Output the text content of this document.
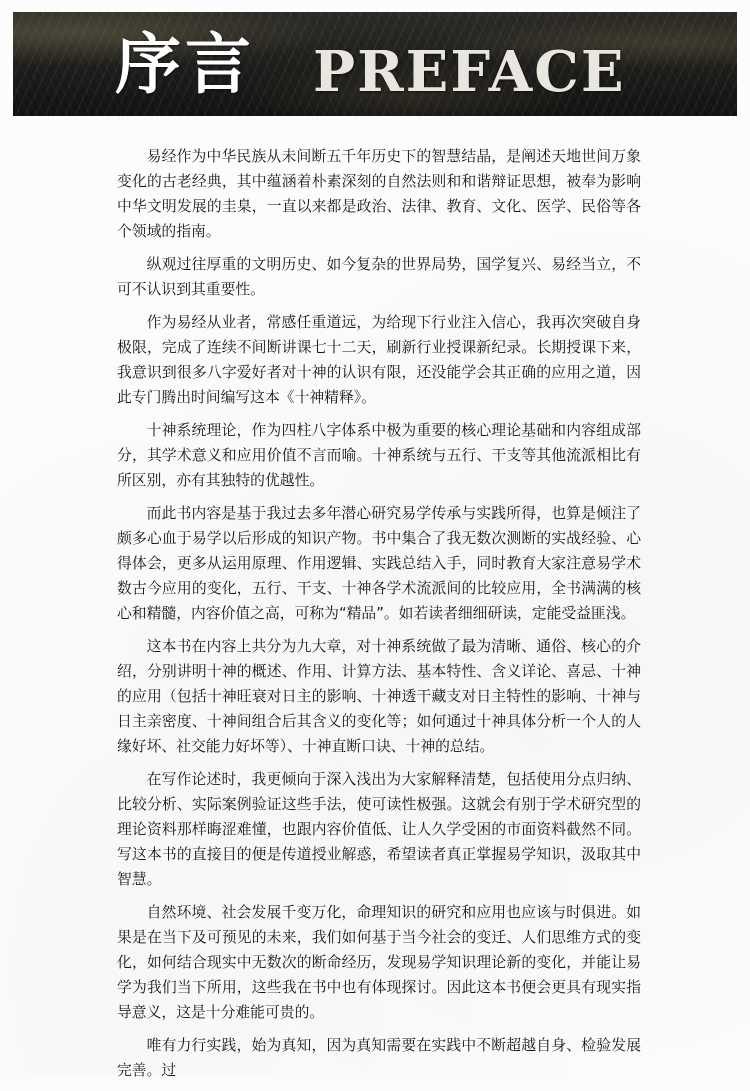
序言 PREFACE

易经作为中华民族从未间断五千年历史下的智慧结晶，是阐述天地世间万象变化的古老经典，其中蕴涵着朴素深刻的自然法则和和谐辩证思想，被奉为影响中华文明发展的圭臬，一直以来都是政治、法律、教育、文化、医学、民俗等各个领域的指南。

纵观过往厚重的文明历史、如今复杂的世界局势，国学复兴、易经当立，不可不认识到其重要性。

作为易经从业者，常感任重道远，为给现下行业注入信心，我再次突破自身极限，完成了连续不间断讲课七十二天，刷新行业授课新纪录。长期授课下来，我意识到很多八字爱好者对十神的认识有限，还没能学会其正确的应用之道，因此专门腾出时间编写这本《十神精释》。

十神系统理论，作为四柱八字体系中极为重要的核心理论基础和内容组成部分，其学术意义和应用价值不言而喻。十神系统与五行、干支等其他流派相比有所区别，亦有其独特的优越性。

而此书内容是基于我过去多年潜心研究易学传承与实践所得，也算是倾注了颇多心血于易学以后形成的知识产物。书中集合了我无数次测断的实战经验、心得体会，更多从运用原理、作用逻辑、实践总结入手，同时教育大家注意易学术数古今应用的变化，五行、干支、十神各学术流派间的比较应用，全书满满的核心和精髓，内容价值之高，可称为“精品”。如若读者细细研读，定能受益匪浅。

这本书在内容上共分为九大章，对十神系统做了最为清晰、通俗、核心的介绍，分别讲明十神的概述、作用、计算方法、基本特性、含义详论、喜忌、十神的应用（包括十神旺衰对日主的影响、十神透干藏支对日主特性的影响、十神与日主亲密度、十神间组合后其含义的变化等；如何通过十神具体分析一个人的人缘好坏、社交能力好坏等）、十神直断口诀、十神的总结。

在写作论述时，我更倾向于深入浅出为大家解释清楚，包括使用分点归纳、比较分析、实际案例验证这些手法，使可读性极强。这就会有别于学术研究型的理论资料那样晦涩难懂，也跟内容价值低、让人久学受困的市面资料截然不同。写这本书的直接目的便是传道授业解惑，希望读者真正掌握易学知识，汲取其中智慧。

自然环境、社会发展千变万化，命理知识的研究和应用也应该与时俱进。如果是在当下及可预见的未来，我们如何基于当今社会的变迁、人们思维方式的变化，如何结合现实中无数次的断命经历，发现易学知识理论新的变化，并能让易学为我们当下所用，这些我在书中也有体现探讨。因此这本书便会更具有现实指导意义，这是十分难能可贵的。

唯有力行实践，始为真知，因为真知需要在实践中不断超越自身、检验发展完善。过
